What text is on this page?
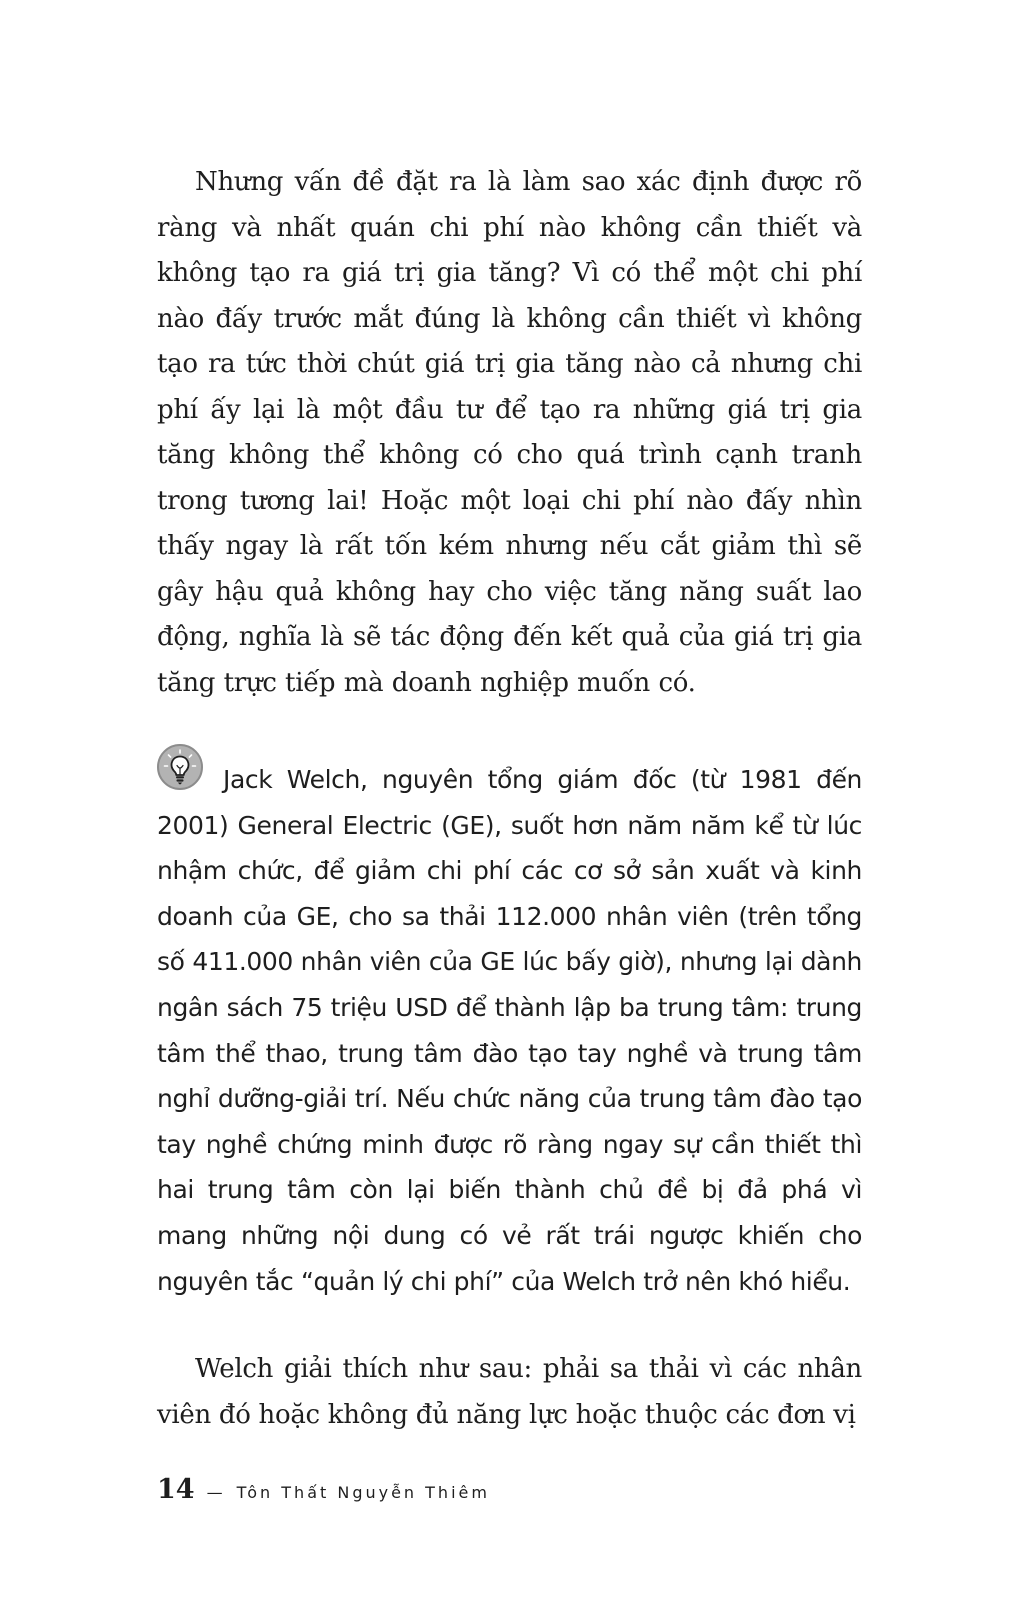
Nhưng vấn đề đặt ra là làm sao xác định được rõ ràng và nhất quán chi phí nào không cần thiết và không tạo ra giá trị gia tăng? Vì có thể một chi phí nào đấy trước mắt đúng là không cần thiết vì không tạo ra tức thời chút giá trị gia tăng nào cả nhưng chi phí ấy lại là một đầu tư để tạo ra những giá trị gia tăng không thể không có cho quá trình cạnh tranh trong tương lai! Hoặc một loại chi phí nào đấy nhìn thấy ngay là rất tốn kém nhưng nếu cắt giảm thì sẽ gây hậu quả không hay cho việc tăng năng suất lao động, nghĩa là sẽ tác động đến kết quả của giá trị gia tăng trực tiếp mà doanh nghiệp muốn có.

Jack Welch, nguyên tổng giám đốc (từ 1981 đến 2001) General Electric (GE), suốt hơn năm năm kể từ lúc nhậm chức, để giảm chi phí các cơ sở sản xuất và kinh doanh của GE, cho sa thải 112.000 nhân viên (trên tổng số 411.000 nhân viên của GE lúc bấy giờ), nhưng lại dành ngân sách 75 triệu USD để thành lập ba trung tâm: trung tâm thể thao, trung tâm đào tạo tay nghề và trung tâm nghỉ dưỡng-giải trí. Nếu chức năng của trung tâm đào tạo tay nghề chứng minh được rõ ràng ngay sự cần thiết thì hai trung tâm còn lại biến thành chủ đề bị đả phá vì mang những nội dung có vẻ rất trái ngược khiến cho nguyên tắc “quản lý chi phí” của Welch trở nên khó hiểu.

Welch giải thích như sau: phải sa thải vì các nhân viên đó hoặc không đủ năng lực hoặc thuộc các đơn vị

14 — Tôn Thất Nguyễn Thiêm
